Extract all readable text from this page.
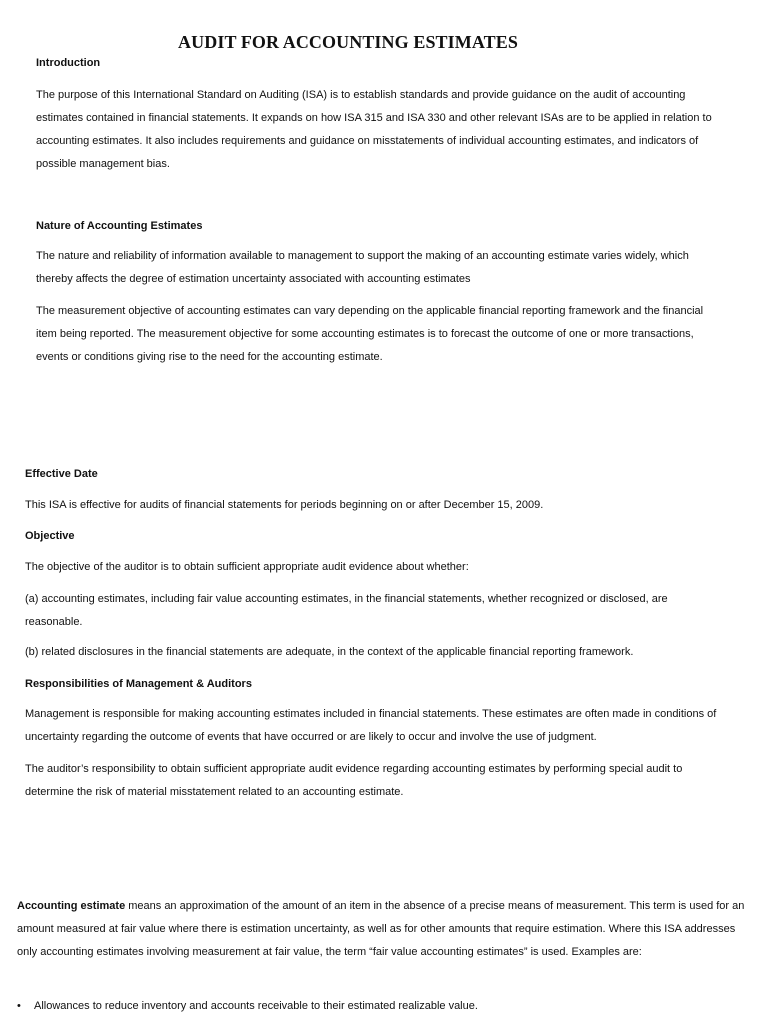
AUDIT FOR ACCOUNTING ESTIMATES
Introduction

The purpose of this International Standard on Auditing (ISA) is to establish standards and provide guidance on the audit of accounting estimates contained in financial statements. It expands on how ISA 315 and ISA 330 and other relevant ISAs are to be applied in relation to accounting estimates. It also includes requirements and guidance on misstatements of individual accounting estimates, and indicators of possible management bias.

Nature of Accounting Estimates

The nature and reliability of information available to management to support the making of an accounting estimate varies widely, which thereby affects the degree of estimation uncertainty associated with accounting estimates

The measurement objective of accounting estimates can vary depending on the applicable financial reporting framework and the financial item being reported. The measurement objective for some accounting estimates is to forecast the outcome of one or more transactions, events or conditions giving rise to the need for the accounting estimate.

Effective Date

This ISA is effective for audits of financial statements for periods beginning on or after December 15, 2009.

Objective

The objective of the auditor is to obtain sufficient appropriate audit evidence about whether:

(a) accounting estimates, including fair value accounting estimates, in the financial statements, whether recognized or disclosed, are reasonable.

(b) related disclosures in the financial statements are adequate, in the context of the applicable financial reporting framework.

Responsibilities of Management & Auditors

Management is responsible for making accounting estimates included in financial statements. These estimates are often made in conditions of uncertainty regarding the outcome of events that have occurred or are likely to occur and involve the use of judgment.

The auditor’s responsibility to obtain sufficient appropriate audit evidence regarding accounting estimates by performing special audit to determine the risk of material misstatement related to an accounting estimate.

Accounting estimate means an approximation of the amount of an item in the absence of a precise means of measurement. This term is used for an amount measured at fair value where there is estimation uncertainty, as well as for other amounts that require estimation. Where this ISA addresses only accounting estimates involving measurement at fair value, the term “fair value accounting estimates” is used. Examples are:

• Allowances to reduce inventory and accounts receivable to their estimated realizable value.
